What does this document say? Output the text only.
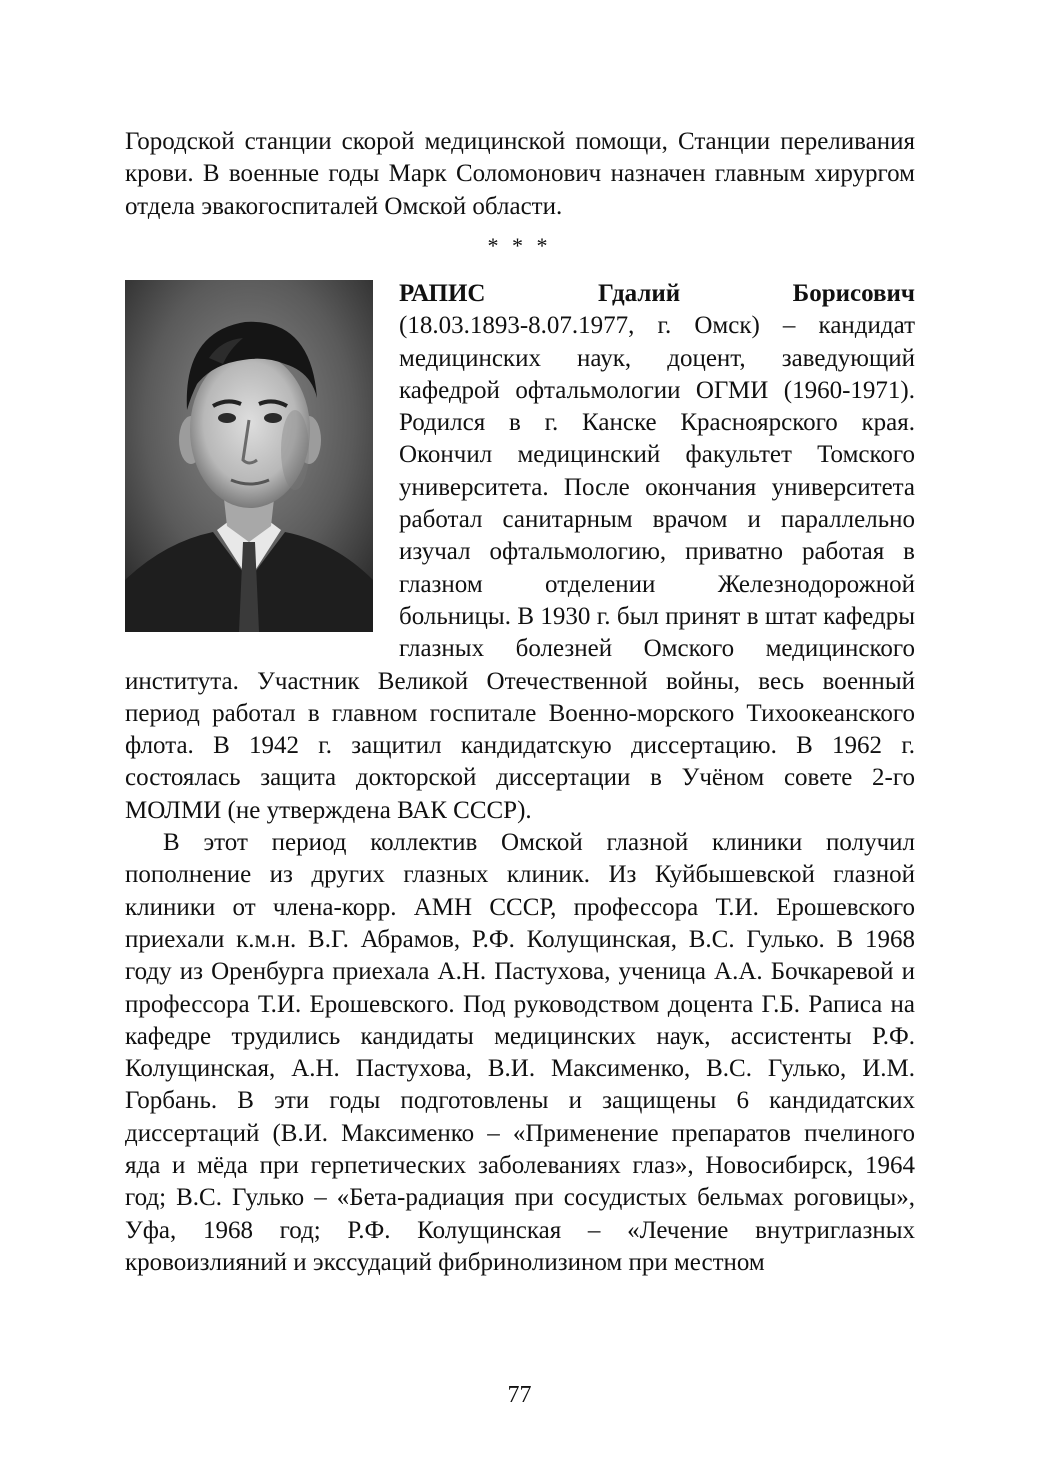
Городской станции скорой медицинской помощи, Станции переливания крови. В военные годы Марк Соломонович назначен главным хирургом отдела эвакогоспиталей Омской области.
* * *
РАПИС Гдалий Борисович (18.03.1893-8.07.1977, г. Омск) – кандидат медицинских наук, доцент, заведующий кафедрой офтальмологии ОГМИ (1960-1971). Родился в г. Канске Красноярского края. Окончил медицинский факультет Томского университета. После окончания университета работал санитарным врачом и параллельно изучал офтальмологию, приватно работая в глазном отделении Железнодорожной больницы. В 1930 г. был принят в штат кафедры глазных болезней Омского медицинского института. Участник Великой Отечественной войны, весь военный период работал в главном госпитале Военно-морского Тихоокеанского флота. В 1942 г. защитил кандидатскую диссертацию. В 1962 г. состоялась защита докторской диссертации в Учёном совете 2-го МОЛМИ (не утверждена ВАК СССР).
В этот период коллектив Омской глазной клиники получил пополнение из других глазных клиник. Из Куйбышевской глазной клиники от члена-корр. АМН СССР, профессора Т.И. Ерошевского приехали к.м.н. В.Г. Абрамов, Р.Ф. Колущинская, В.С. Гулько. В 1968 году из Оренбурга приехала А.Н. Пастухова, ученица А.А. Бочкаревой и профессора Т.И. Ерошевского. Под руководством доцента Г.Б. Раписа на кафедре трудились кандидаты медицинских наук, ассистенты Р.Ф. Колущинская, А.Н. Пастухова, В.И. Максименко, В.С. Гулько, И.М. Горбань. В эти годы подготовлены и защищены 6 кандидатских диссертаций (В.И. Максименко – «Применение препаратов пчелиного яда и мёда при герпетических заболеваниях глаз», Новосибирск, 1964 год; В.С. Гулько – «Бета-радиация при сосудистых бельмах роговицы», Уфа, 1968 год; Р.Ф. Колущинская – «Лечение внутриглазных кровоизлияний и экссудаций фибринолизином при местном
77
